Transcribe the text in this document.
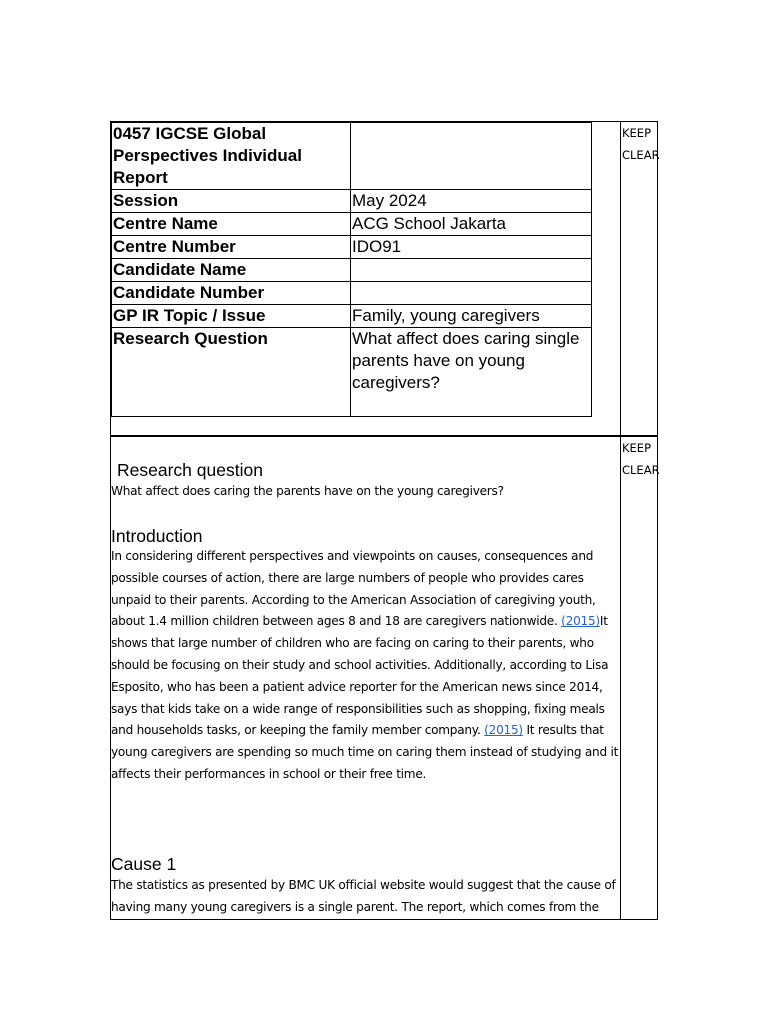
0457 IGCSE Global Perspectives Individual Report	
Session	May 2024
Centre Name	ACG School Jakarta
Centre Number	IDO91
Candidate Name	
Candidate Number	
GP IR Topic / Issue	Family, young caregivers
Research Question	What affect does caring single parents have on young caregivers?
KEEP
CLEAR
KEEP
CLEAR
Research question
What affect does caring the parents have on the young caregivers?
Introduction
In considering different perspectives and viewpoints on causes, consequences and possible courses of action, there are large numbers of people who provides cares unpaid to their parents. According to the American Association of caregiving youth, about 1.4 million children between ages 8 and 18 are caregivers nationwide. (2015)It shows that large number of children who are facing on caring to their parents, who should be focusing on their study and school activities. Additionally, according to Lisa Esposito, who has been a patient advice reporter for the American news since 2014, says that kids take on a wide range of responsibilities such as shopping, fixing meals and households tasks, or keeping the family member company. (2015) It results that young caregivers are spending so much time on caring them instead of studying and it affects their performances in school or their free time.
Cause 1
The statistics as presented by BMC UK official website would suggest that the cause of having many young caregivers is a single parent. The report, which comes from the
